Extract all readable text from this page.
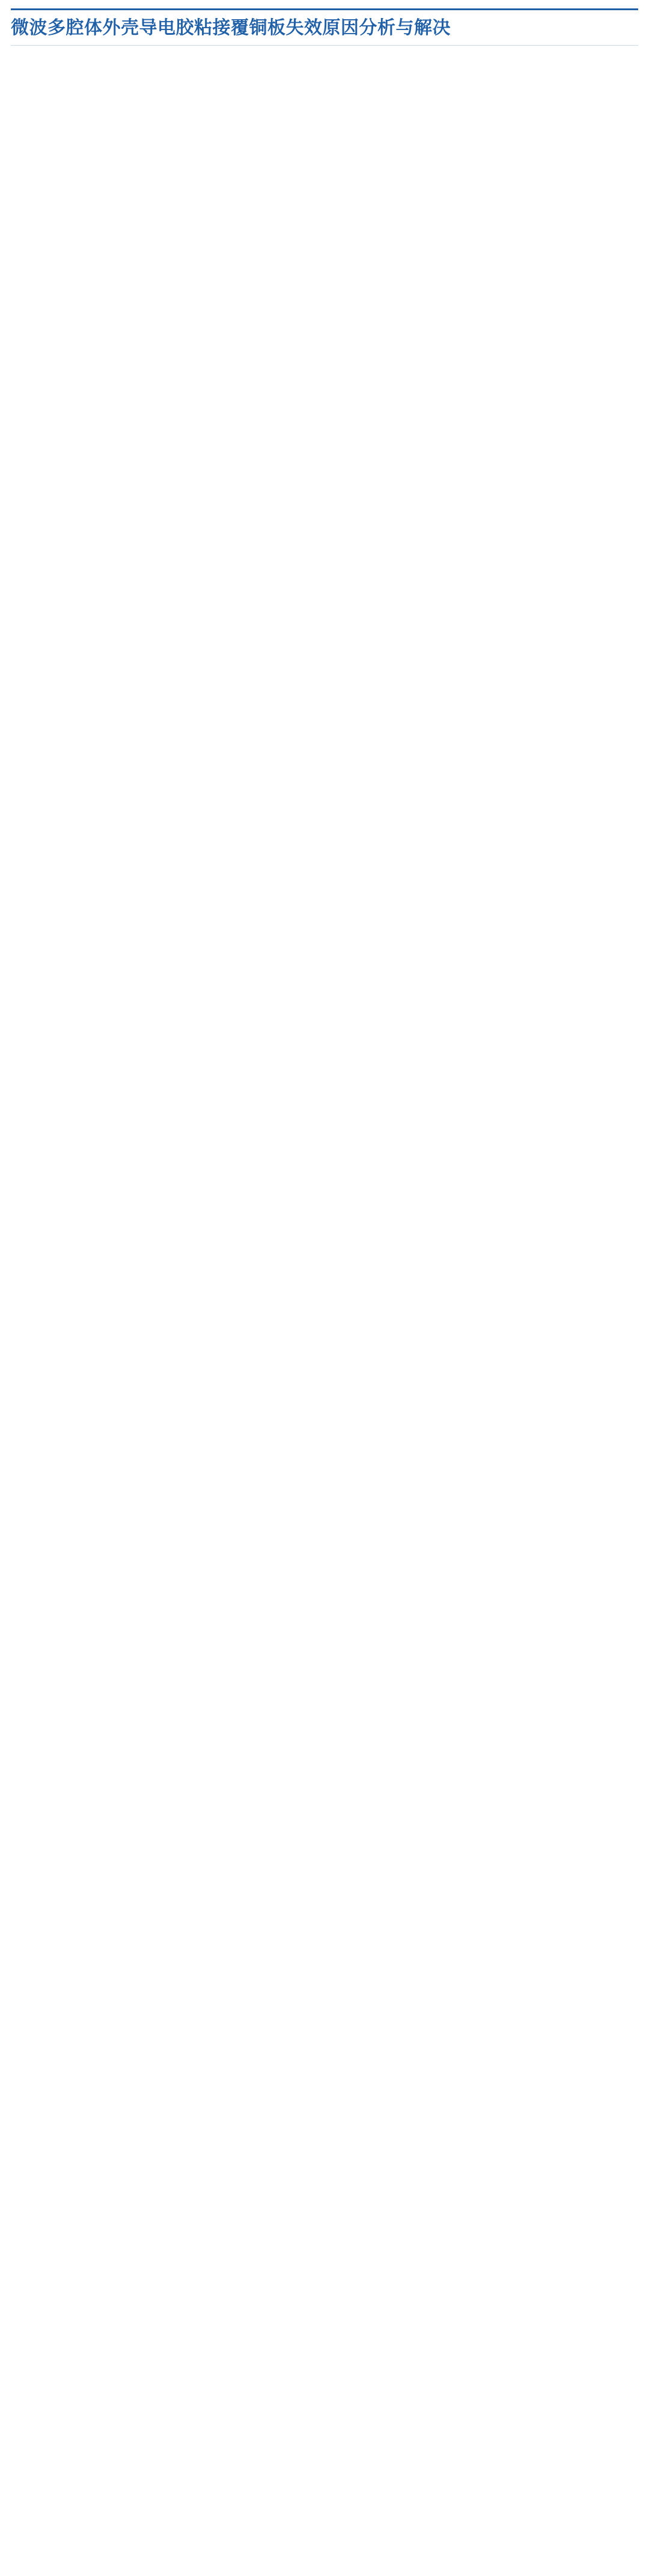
微波多腔体外壳导电胶粘接覆铜板失效原因分析与解决
